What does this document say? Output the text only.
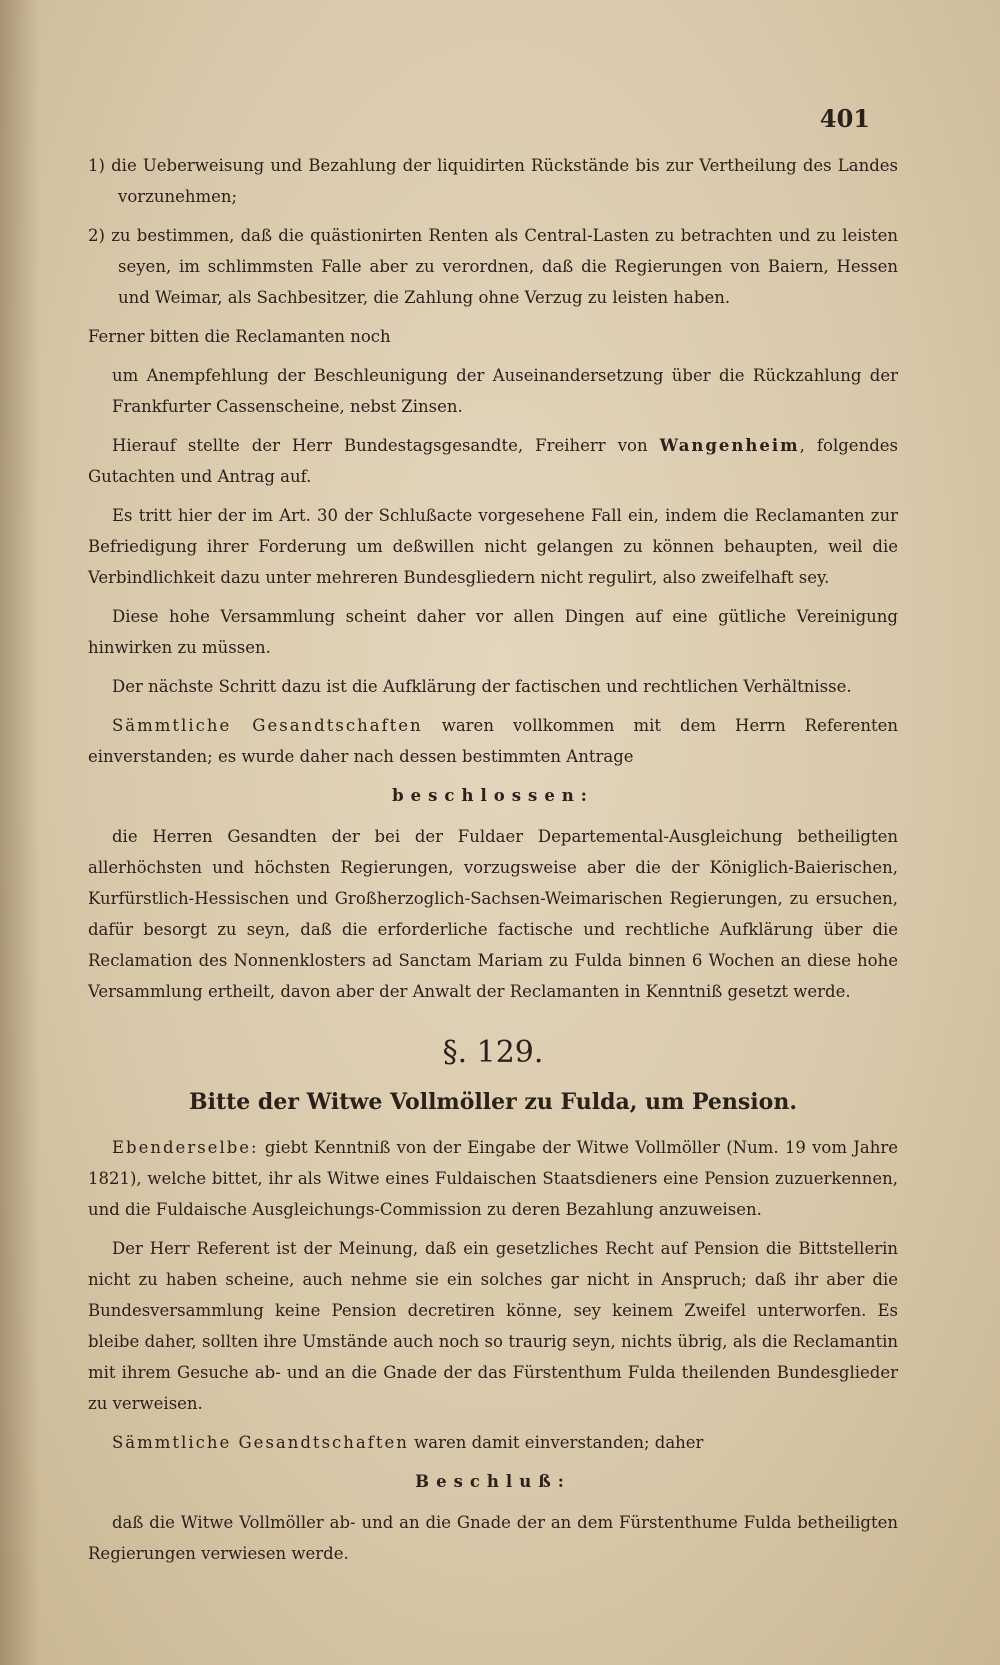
401

1) die Ueberweisung und Bezahlung der liquidirten Rückstände bis zur Vertheilung des Landes vorzunehmen;

2) zu bestimmen, daß die quästionirten Renten als Central-Lasten zu betrachten und zu leisten seyen, im schlimmsten Falle aber zu verordnen, daß die Regierungen von Baiern, Hessen und Weimar, als Sachbesitzer, die Zahlung ohne Verzug zu leisten haben.

Ferner bitten die Reclamanten noch

um Anempfehlung der Beschleunigung der Auseinandersetzung über die Rückzahlung der Frankfurter Cassenscheine, nebst Zinsen.

Hierauf stellte der Herr Bundestagsgesandte, Freiherr von Wangenheim, folgendes Gutachten und Antrag auf.

Es tritt hier der im Art. 30 der Schlußacte vorgesehene Fall ein, indem die Reclamanten zur Befriedigung ihrer Forderung um deßwillen nicht gelangen zu können behaupten, weil die Verbindlichkeit dazu unter mehreren Bundesgliedern nicht regulirt, also zweifelhaft sey.

Diese hohe Versammlung scheint daher vor allen Dingen auf eine gütliche Vereinigung hinwirken zu müssen.

Der nächste Schritt dazu ist die Aufklärung der factischen und rechtlichen Verhältnisse.

Sämmtliche Gesandtschaften waren vollkommen mit dem Herrn Referenten einverstanden; es wurde daher nach dessen bestimmten Antrage

beschlossen:

die Herren Gesandten der bei der Fuldaer Departemental-Ausgleichung betheiligten allerhöchsten und höchsten Regierungen, vorzugsweise aber die der Königlich-Baierischen, Kurfürstlich-Hessischen und Großherzoglich-Sachsen-Weimarischen Regierungen, zu ersuchen, dafür besorgt zu seyn, daß die erforderliche factische und rechtliche Aufklärung über die Reclamation des Nonnenklosters ad Sanctam Mariam zu Fulda binnen 6 Wochen an diese hohe Versammlung ertheilt, davon aber der Anwalt der Reclamanten in Kenntniß gesetzt werde.

§. 129.

Bitte der Witwe Vollmöller zu Fulda, um Pension.

Ebenderselbe: giebt Kenntniß von der Eingabe der Witwe Vollmöller (Num. 19 vom Jahre 1821), welche bittet, ihr als Witwe eines Fuldaischen Staatsdieners eine Pension zuzuerkennen, und die Fuldaische Ausgleichungs-Commission zu deren Bezahlung anzuweisen.

Der Herr Referent ist der Meinung, daß ein gesetzliches Recht auf Pension die Bittstellerin nicht zu haben scheine, auch nehme sie ein solches gar nicht in Anspruch; daß ihr aber die Bundesversammlung keine Pension decretiren könne, sey keinem Zweifel unterworfen. Es bleibe daher, sollten ihre Umstände auch noch so traurig seyn, nichts übrig, als die Reclamantin mit ihrem Gesuche ab- und an die Gnade der das Fürstenthum Fulda theilenden Bundesglieder zu verweisen.

Sämmtliche Gesandtschaften waren damit einverstanden; daher

Beschluß:

daß die Witwe Vollmöller ab- und an die Gnade der an dem Fürstenthume Fulda betheiligten Regierungen verwiesen werde.
